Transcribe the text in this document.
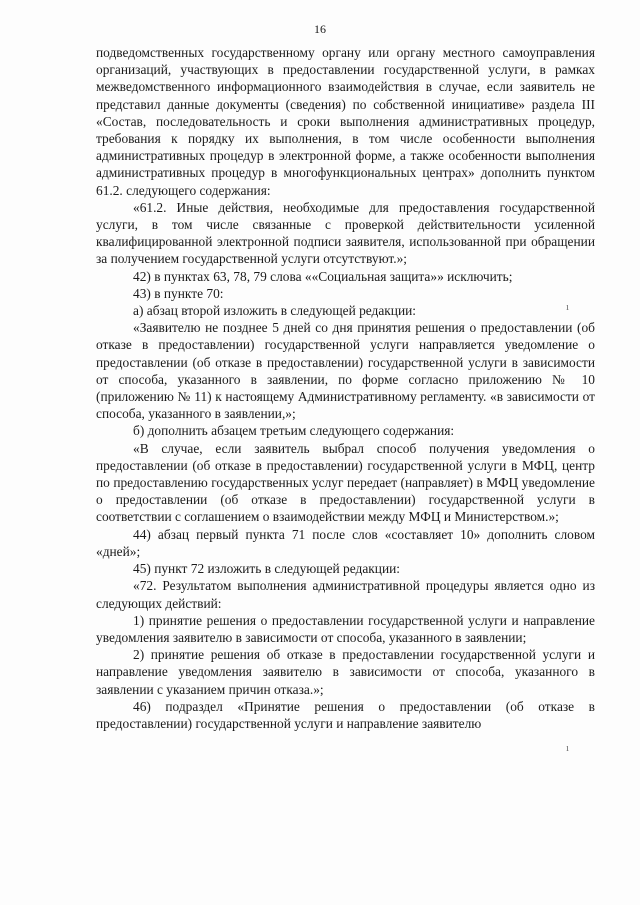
16

подведомственных государственному органу или органу местного самоуправления организаций, участвующих в предоставлении государственной услуги, в рамках межведомственного информационного взаимодействия в случае, если заявитель не представил данные документы (сведения) по собственной инициативе» раздела III «Состав, последовательность и сроки выполнения административных процедур, требования к порядку их выполнения, в том числе особенности выполнения административных процедур в электронной форме, а также особенности выполнения административных процедур в многофункциональных центрах» дополнить пунктом 61.2. следующего содержания:

«61.2. Иные действия, необходимые для предоставления государственной услуги, в том числе связанные с проверкой действительности усиленной квалифицированной электронной подписи заявителя, использованной при обращении за получением государственной услуги отсутствуют.»;

42) в пунктах 63, 78, 79 слова ««Социальная защита»» исключить;

43) в пункте 70:

а) абзац второй изложить в следующей редакции:

«Заявителю не позднее 5 дней со дня принятия решения о предоставлении (об отказе в предоставлении) государственной услуги направляется уведомление о предоставлении (об отказе в предоставлении) государственной услуги в зависимости от способа, указанного в заявлении, по форме согласно приложению № 10 (приложению № 11) к настоящему Административному регламенту. «в зависимости от способа, указанного в заявлении,»;

б) дополнить абзацем третьим следующего содержания:

«В случае, если заявитель выбрал способ получения уведомления о предоставлении (об отказе в предоставлении) государственной услуги в МФЦ, центр по предоставлению государственных услуг передает (направляет) в МФЦ уведомление о предоставлении (об отказе в предоставлении) государственной услуги в соответствии с соглашением о взаимодействии между МФЦ и Министерством.»;

44) абзац первый пункта 71 после слов «составляет 10» дополнить словом «дней»;

45) пункт 72 изложить в следующей редакции:

«72. Результатом выполнения административной процедуры является одно из следующих действий:

1) принятие решения о предоставлении государственной услуги и направление уведомления заявителю в зависимости от способа, указанного в заявлении;

2) принятие решения об отказе в предоставлении государственной услуги и направление уведомления заявителю в зависимости от способа, указанного в заявлении с указанием причин отказа.»;

46) подраздел «Принятие решения о предоставлении (об отказе в предоставлении) государственной услуги и направление заявителю

ı
ı
